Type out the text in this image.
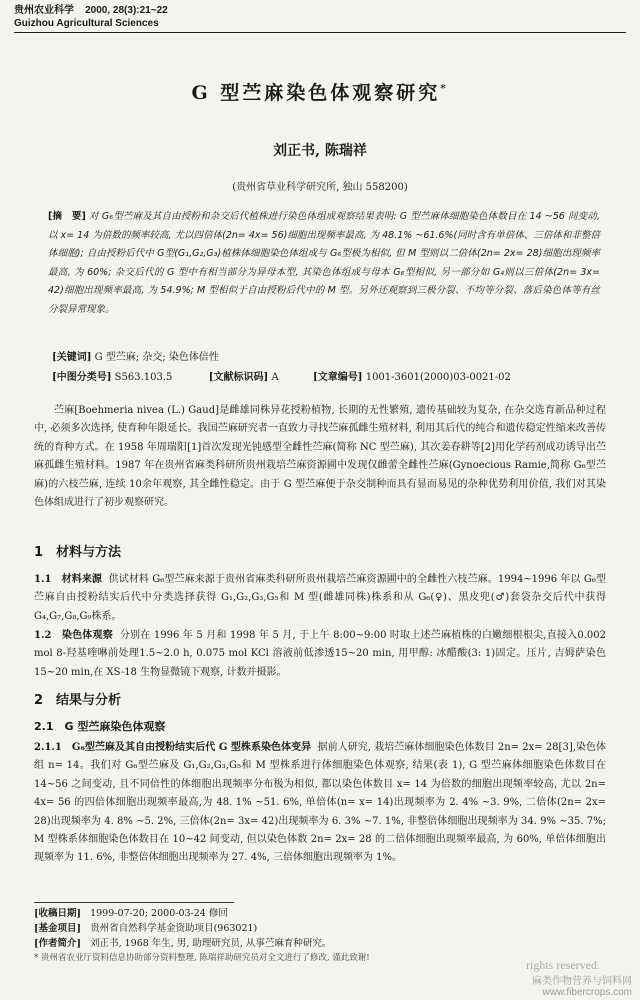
贵州农业科学 2000, 28(3):21~22
Guizhou Agricultural Sciences
G 型苎麻染色体观察研究*
刘正书, 陈瑞祥
(贵州省草业科学研究所, 独山 558200)
[摘　要] 对 G₆型苎麻及其自由授粉和杂交后代植株进行染色体组成观察结果表明: G 型苎麻体细胞染色体数目在 14 ~56 间变动, 以 x= 14 为倍数的频率较高, 尤以四倍体(2n= 4x= 56)细胞出现频率最高, 为 48.1% ~61.6%(同时含有单倍体、三倍体和非整倍体细胞); 自由授粉后代中 G型(G₁,G₂,G₃)植株体细胞染色体组成与 G₆型极为相似, 但 M 型则以二倍体(2n= 2x= 28)细胞出现频率最高, 为 60%; 杂交后代的 G 型中有相当部分为异母本型, 其染色体组成与母本 G₆型相似, 另一部分如 G₄则以三倍体(2n= 3x= 42)细胞出现频率最高, 为 54.9%; M 型相似于自由授粉后代中的 M 型。另外还观察到三极分裂、不均等分裂、落后染色体等有丝分裂异常现象。
[关键词] G 型苎麻; 杂交; 染色体倍性
[中图分类号] S563.103.5	[文献标识码] A	[文章编号] 1001-3601(2000)03-0021-02
苎麻[Boehmeria nivea (L.) Gaud]是雌雄同株异花授粉植物, 长期的无性繁殖, 遗传基础较为复杂, 在杂交选育新品种过程中, 必须多次选择, 使育种年限延长。我国苎麻研究者一直致力寻找苎麻孤雌生殖材料, 利用其后代的纯合和遗传稳定性缩来改善传统的育种方式。在 1958 年周瑞阳[1]首次发现光钝感型全雌性苎麻(简称 NC 型苎麻), 其次姜春耕等[2]用化学药剂成功诱导出苎麻孤雌生殖材料。1987 年在贵州省麻类科研所贵州栽培苎麻资源圃中发现仅雌蕾全雌性苎麻(Gynoecious Ramie,简称 G₆型苎麻)的六枝苎麻, 连续 10余年观察, 其全雌性稳定。由于 G 型苎麻便于杂交制种而具有显而易见的杂种优势利用价值, 我们对其染色体组成进行了初步观察研究。
1　材料与方法
1.1　材料来源 供试材料 G₆型苎麻来源于贵州省麻类科研所贵州栽培苎麻资源圃中的全雌性六枝苎麻。1994~1996 年以 G₆型苎麻自由授粉结实后代中分类选择获得 G₁,G₂,G₃,G₅和 M 型(雌雄同株)株系和从 G₆(♀)、黑皮兜(♂)套袋杂交后代中获得 G₄,G₇,G₈,G₉株系。
1.2　染色体观察 分别在 1996 年 5 月和 1998 年 5 月, 于上午 8:00~9:00 时取上述苎麻植株的白嫩细根根尖,直接入0.002 mol 8-羟基喹啉前处理1.5~2.0 h, 0.075 mol KCl 溶液前低渗透15~20 min, 用甲醇: 冰醋酸(3: 1)固定。压片, 吉姆萨染色15~20 min,在 XS-18 生物显微镜下观察, 计数并摄影。
2　结果与分析
2.1　G 型苎麻染色体观察
2.1.1　G₆型苎麻及其自由授粉结实后代 G 型株系染色体变异 据前人研究, 栽培苎麻体细胞染色体数目 2n= 2x= 28[3],染色体组 n= 14。我们对 G₆型苎麻及 G₁,G₂,G₃,G₅和 M 型株系进行体细胞染色体观察, 结果(表 1), G 型苎麻体细胞染色体数目在 14~56 之间变动, 且不同倍性的体细胞出现频率分布极为相似, 都以染色体数目 x= 14 为倍数的细胞出现频率较高, 尤以 2n= 4x= 56 的四倍体细胞出现频率最高,为 48. 1% ~51. 6%, 单倍体(n= x= 14)出现频率为 2. 4% ~3. 9%, 二倍体(2n= 2x= 28)出现频率为 4. 8% ~5. 2%, 三倍体(2n= 3x= 42)出现频率为 6. 3% ~7. 1%, 非整倍体细胞出现频率为 34. 9% ~35. 7%; M 型株系体细胞染色体数目在 10~42 间变动, 但以染色体数 2n= 2x= 28 的二倍体细胞出现频率最高, 为 60%, 单倍体细胞出现频率为 11. 6%, 非整倍体细胞出现频率为 27. 4%, 三倍体细胞出现频率为 1%。
[收稿日期] 1999-07-20; 2000-03-24 修回
[基金项目] 贵州省自然科学基金资助项目(963021)
[作者简介] 刘正书, 1968 年生, 男, 助理研究员, 从事苎麻育种研究。
* 贵州省农业厅资料信息协助部分资料整理, 陈瑞祥助研究员对全文进行了修改, 谨此致谢!	rights reserved.
麻类作物营养与饲料网
www.fibercrops.com
